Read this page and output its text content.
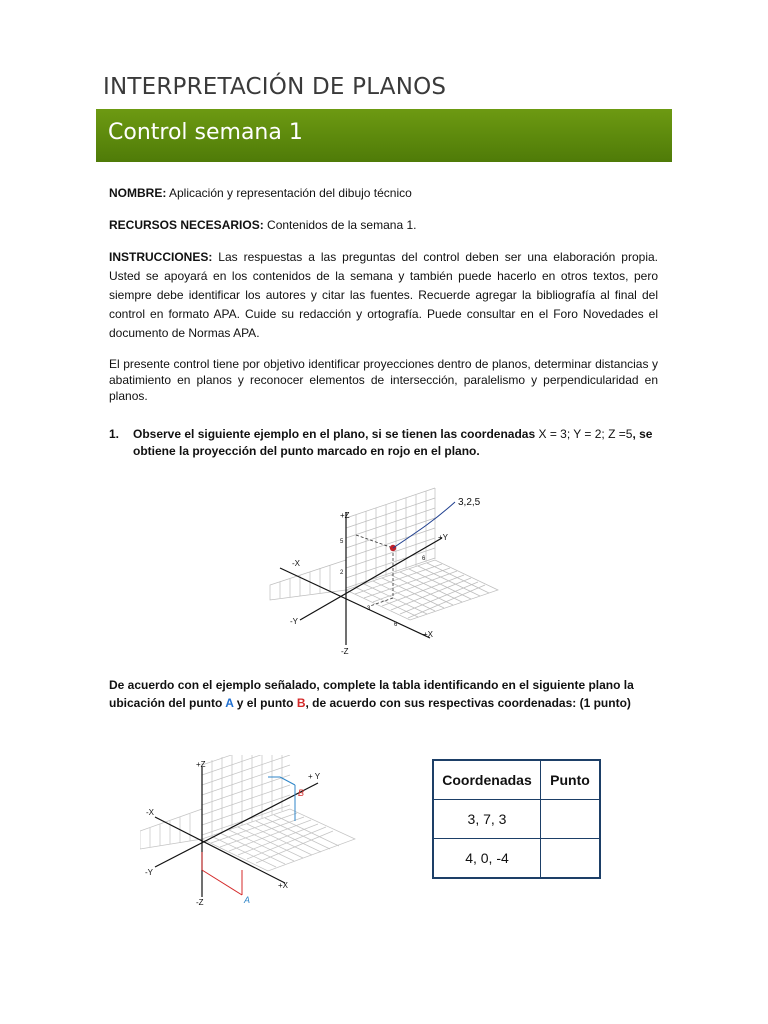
INTERPRETACIÓN DE PLANOS
Control semana 1

NOMBRE: Aplicación y representación del dibujo técnico

RECURSOS NECESARIOS: Contenidos de la semana 1.

INSTRUCCIONES: Las respuestas a las preguntas del control deben ser una elaboración propia. Usted se apoyará en los contenidos de la semana y también puede hacerlo en otros textos, pero siempre debe identificar los autores y citar las fuentes. Recuerde agregar la bibliografía al final del control en formato APA. Cuide su redacción y ortografía. Puede consultar en el Foro Novedades el documento de Normas APA.

El presente control tiene por objetivo identificar proyecciones dentro de planos, determinar distancias y abatimiento en planos y reconocer elementos de intersección, paralelismo y perpendicularidad en planos.

1. Observe el siguiente ejemplo en el plano, si se tienen las coordenadas X = 3; Y = 2; Z =5, se obtiene la proyección del punto marcado en rojo en el plano.
3,2,5
+Z
-Z
+X
-X
+Y
-Y
5
2
3
6
6
De acuerdo con el ejemplo señalado, complete la tabla identificando en el siguiente plano la ubicación del punto A y el punto B, de acuerdo con sus respectivas coordenadas: (1 punto)
A
B
+Z
-Z
+X
-X
+ Y
-Y
Coordenadas	Punto
3, 7, 3	
4, 0, -4	
